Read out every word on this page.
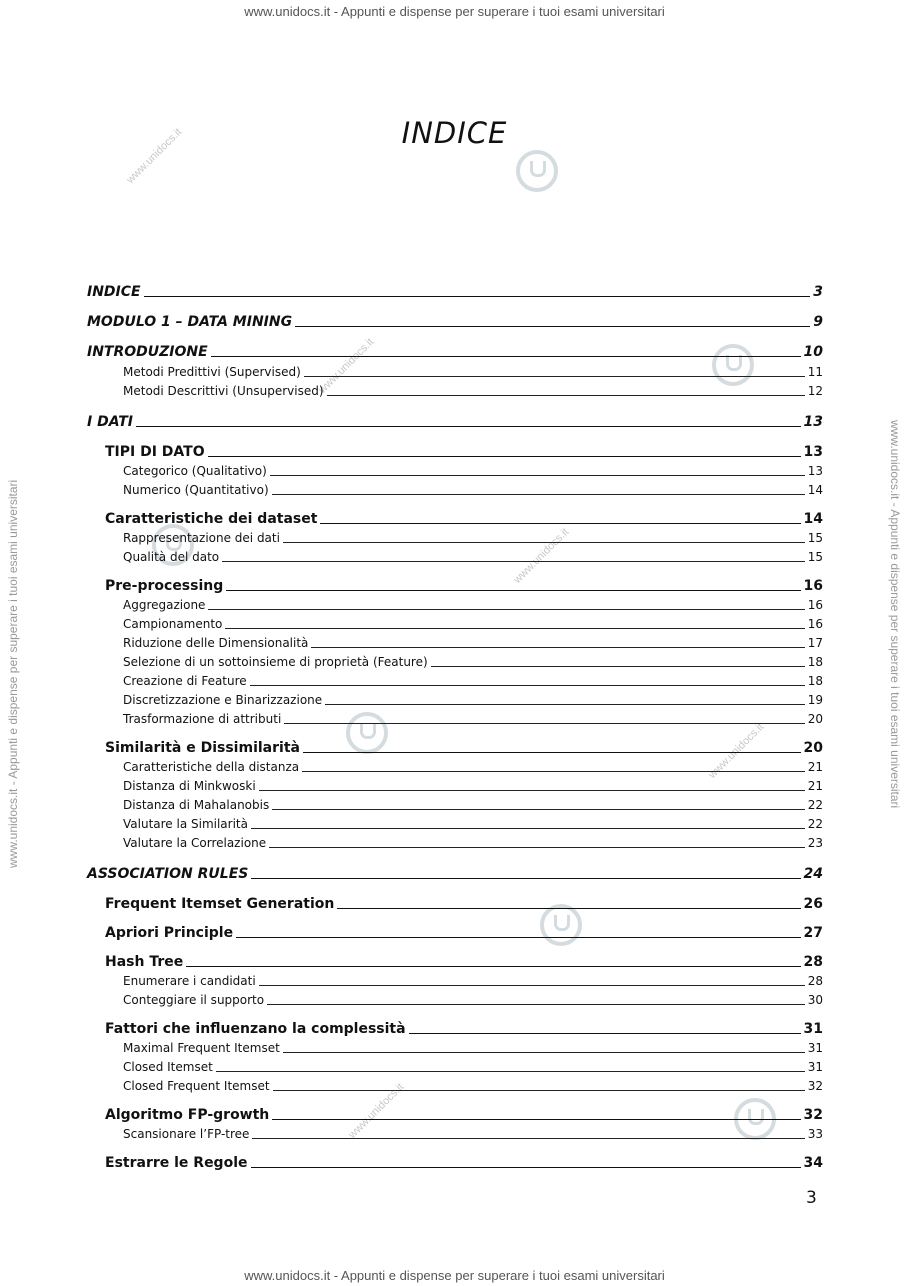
www.unidocs.it - Appunti e dispense per superare i tuoi esami universitari
www.unidocs.it - Appunti e dispense per superare i tuoi esami universitari
www.unidocs.it - Appunti e dispense per superare i tuoi esami universitari	www.unidocs.it - Appunti e dispense per superare i tuoi esami universitari
www.unidocs.it
www.unidocs.it
www.unidocs.it
www.unidocs.it
www.unidocs.it
INDICE
INDICE	3
MODULO 1 – DATA MINING	9
INTRODUZIONE	10
Metodi Predittivi (Supervised)	11
Metodi Descrittivi (Unsupervised)	12
I DATI	13
TIPI DI DATO	13
Categorico (Qualitativo)	13
Numerico (Quantitativo)	14
Caratteristiche dei dataset	14
Rappresentazione dei dati	15
Qualità del dato	15
Pre-processing	16
Aggregazione	16
Campionamento	16
Riduzione delle Dimensionalità	17
Selezione di un sottoinsieme di proprietà (Feature)	18
Creazione di Feature	18
Discretizzazione e Binarizzazione	19
Trasformazione di attributi	20
Similarità e Dissimilarità	20
Caratteristiche della distanza	21
Distanza di Minkwoski	21
Distanza di Mahalanobis	22
Valutare la Similarità	22
Valutare la Correlazione	23
ASSOCIATION RULES	24
Frequent Itemset Generation	26
Apriori Principle	27
Hash Tree	28
Enumerare i candidati	28
Conteggiare il supporto	30
Fattori che influenzano la complessità	31
Maximal Frequent Itemset	31
Closed Itemset	31
Closed Frequent Itemset	32
Algoritmo FP-growth	32
Scansionare l’FP-tree	33
Estrarre le Regole	34
3
